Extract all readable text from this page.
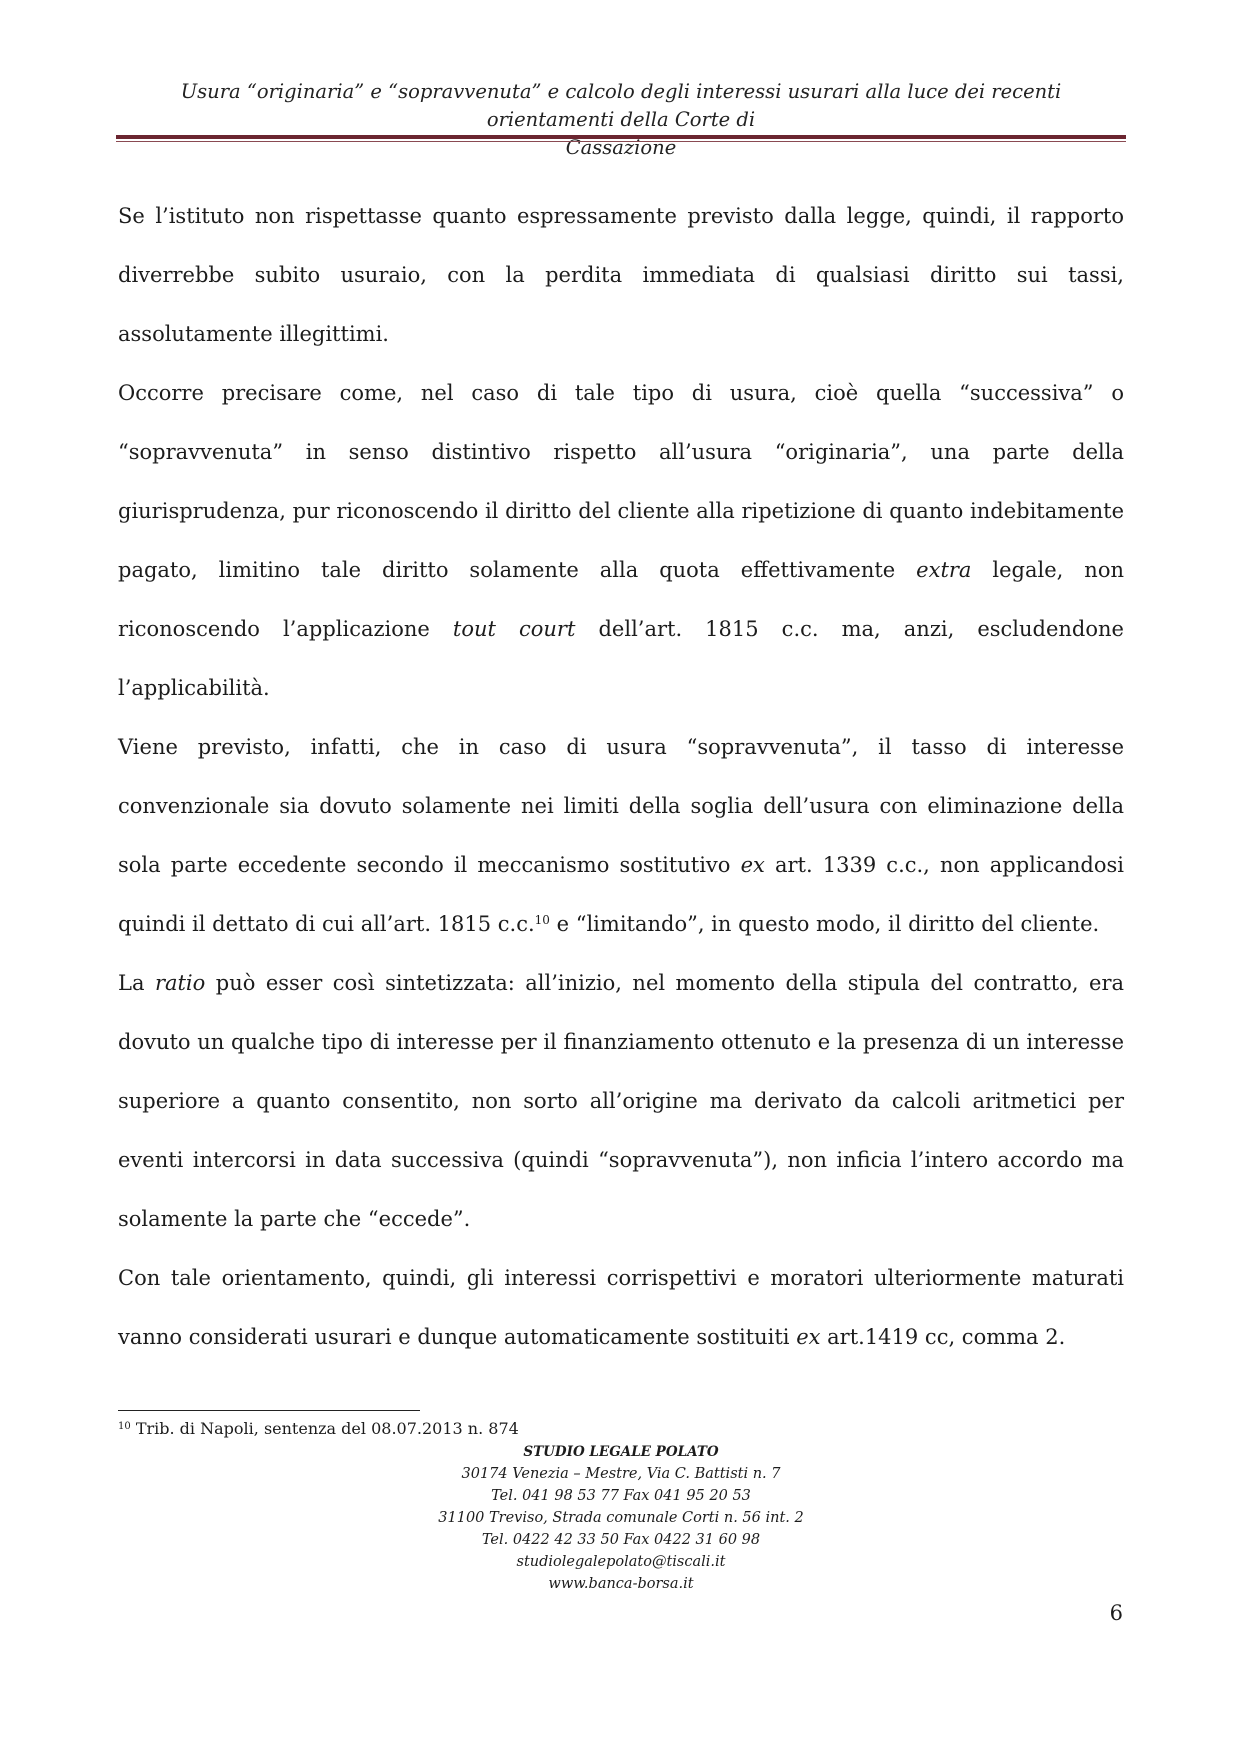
Usura “originaria” e “sopravvenuta” e calcolo degli interessi usurari alla luce dei recenti orientamenti della Corte di
Cassazione

Se l’istituto non rispettasse quanto espressamente previsto dalla legge, quindi, il rapporto diverrebbe subito usuraio, con la perdita immediata di qualsiasi diritto sui tassi, assolutamente illegittimi.

Occorre precisare come, nel caso di tale tipo di usura, cioè quella “successiva” o “sopravvenuta” in senso distintivo rispetto all’usura “originaria”, una parte della giurisprudenza, pur riconoscendo il diritto del cliente alla ripetizione di quanto indebitamente pagato, limitino tale diritto solamente alla quota effettivamente extra legale, non riconoscendo l’applicazione tout court dell’art. 1815 c.c. ma, anzi, escludendone l’applicabilità.

Viene previsto, infatti, che in caso di usura “sopravvenuta”, il tasso di interesse convenzionale sia dovuto solamente nei limiti della soglia dell’usura con eliminazione della sola parte eccedente secondo il meccanismo sostitutivo ex art. 1339 c.c., non applicandosi quindi il dettato di cui all’art. 1815 c.c.$^{10}$ e “limitando”, in questo modo, il diritto del cliente.

La ratio può esser così sintetizzata: all’inizio, nel momento della stipula del contratto, era dovuto un qualche tipo di interesse per il finanziamento ottenuto e la presenza di un interesse superiore a quanto consentito, non sorto all’origine ma derivato da calcoli aritmetici per eventi intercorsi in data successiva (quindi “sopravvenuta”), non inficia l’intero accordo ma solamente la parte che “eccede”.

Con tale orientamento, quindi, gli interessi corrispettivi e moratori ulteriormente maturati vanno considerati usurari e dunque automaticamente sostituiti ex art.1419 cc, comma 2.

$^{10}$ Trib. di Napoli, sentenza del 08.07.2013 n. 874
STUDIO LEGALE POLATO
30174 Venezia – Mestre, Via C. Battisti n. 7
Tel. 041 98 53 77 Fax 041 95 20 53
31100 Treviso, Strada comunale Corti n. 56 int. 2
Tel. 0422 42 33 50 Fax 0422 31 60 98
studiolegalepolato@tiscali.it
www.banca-borsa.it
6
